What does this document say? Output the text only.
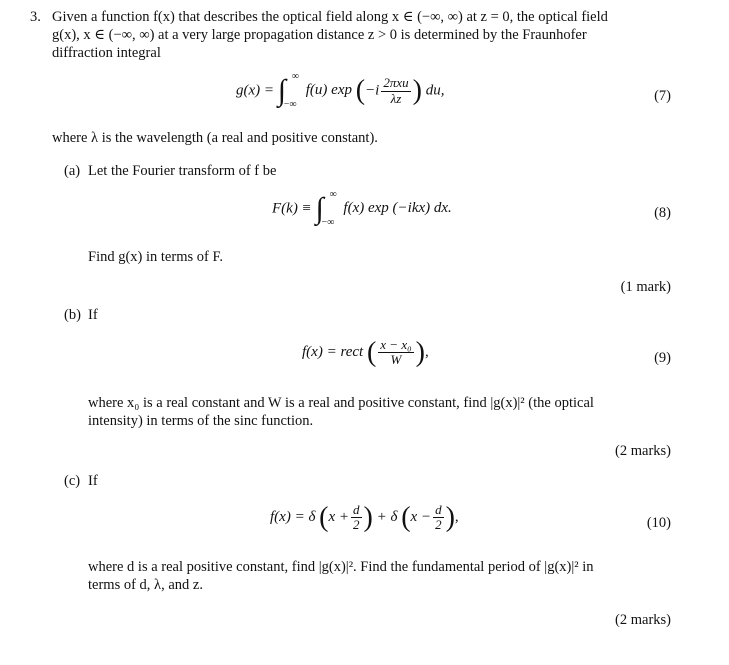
3. Given a function f(x) that describes the optical field along x ∈ (−∞, ∞) at z = 0, the optical field
g(x), x ∈ (−∞, ∞) at a very large propagation distance z > 0 is determined by the Fraunhofer
diffraction integral
g(x) = ∫ ∞
−∞
f(u) $\exp (-i \frac{\text{2πxu}}{\lambda z}$ ) du,	(7)
where λ is the wavelength (a real and positive constant).
(a) Let the Fourier transform of f be
F(k) ≡ ∫ ∞
−∞
f(x) exp (−ikx) dx.	(8)
Find g(x) in terms of F.
(1 mark)
(b) If
f(x) = rect ( $\frac{\text{x − x₀}}{W}$ ),	(9)
where x₀ is a real constant and W is a real and positive constant, find |g(x)|² (the optical
intensity) in terms of the sinc function.
(2 marks)
(c) If
f(x) = δ ($x + \frac{d}{2}$ ) + δ ($x - \frac{d}{2}$ ),	(10)
where d is a real positive constant, find |g(x)|². Find the fundamental period of |g(x)|² in
terms of d, λ, and z.
(2 marks)
